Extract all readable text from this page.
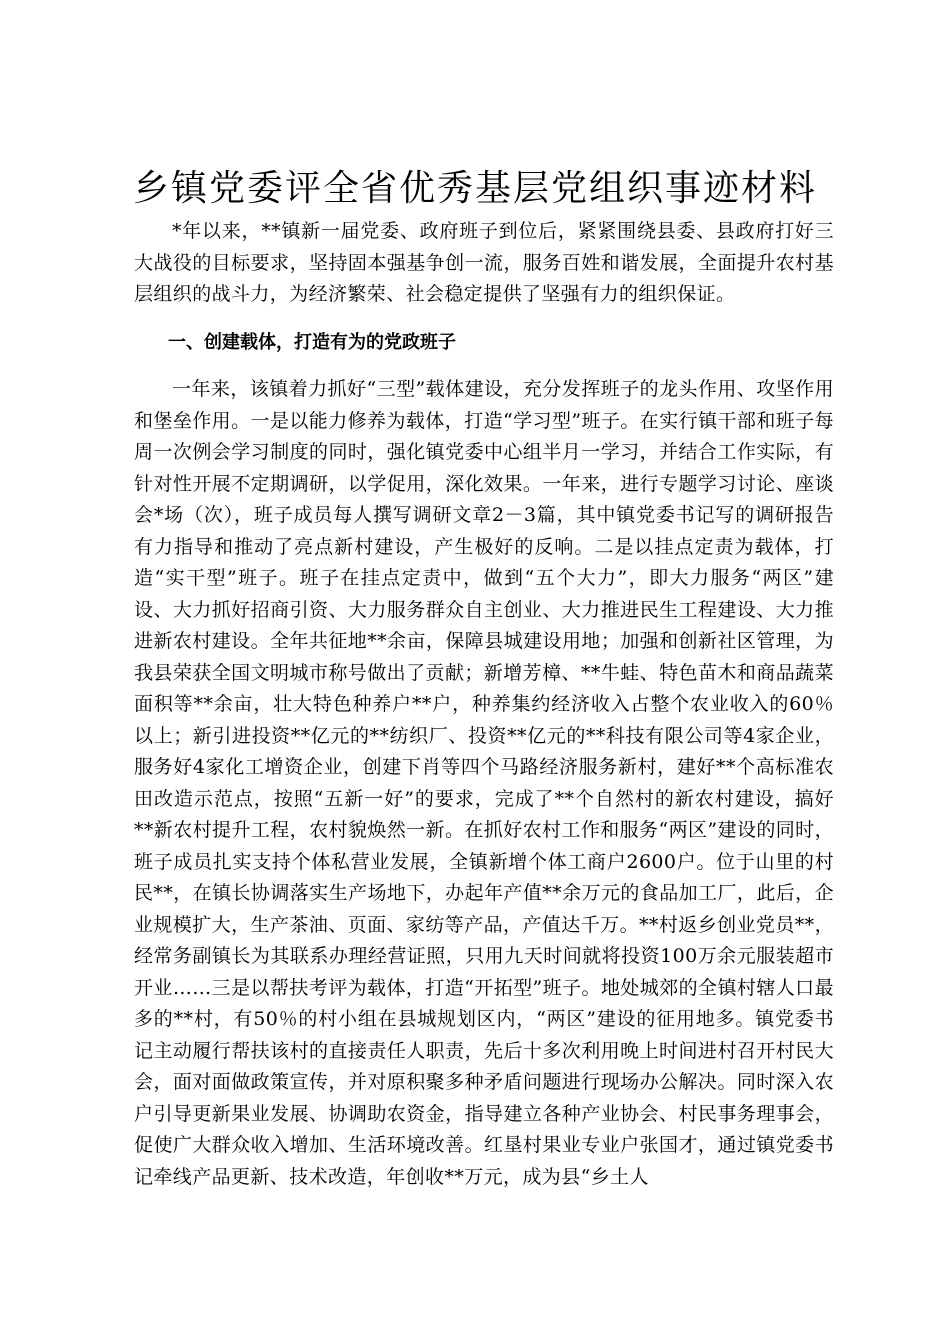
乡镇党委评全省优秀基层党组织事迹材料

*年以来，**镇新一届党委、政府班子到位后，紧紧围绕县委、县政府打好三大战役的目标要求，坚持固本强基争创一流，服务百姓和谐发展，全面提升农村基层组织的战斗力，为经济繁荣、社会稳定提供了坚强有力的组织保证。

一、创建载体，打造有为的党政班子

一年来，该镇着力抓好“三型”载体建设，充分发挥班子的龙头作用、攻坚作用和堡垒作用。一是以能力修养为载体，打造“学习型”班子。在实行镇干部和班子每周一次例会学习制度的同时，强化镇党委中心组半月一学习，并结合工作实际，有针对性开展不定期调研，以学促用，深化效果。一年来，进行专题学习讨论、座谈会*场（次），班子成员每人撰写调研文章2－3篇，其中镇党委书记写的调研报告有力指导和推动了亮点新村建设，产生极好的反响。二是以挂点定责为载体，打造“实干型”班子。班子在挂点定责中，做到“五个大力”，即大力服务“两区”建设、大力抓好招商引资、大力服务群众自主创业、大力推进民生工程建设、大力推进新农村建设。全年共征地**余亩，保障县城建设用地；加强和创新社区管理，为我县荣获全国文明城市称号做出了贡献；新增芳樟、**牛蛙、特色苗木和商品蔬菜面积等**余亩，壮大特色种养户**户，种养集约经济收入占整个农业收入的60％以上；新引进投资**亿元的**纺织厂、投资**亿元的**科技有限公司等4家企业，服务好4家化工增资企业，创建下肖等四个马路经济服务新村，建好**个高标准农田改造示范点，按照“五新一好”的要求，完成了**个自然村的新农村建设，搞好**新农村提升工程，农村貌焕然一新。在抓好农村工作和服务“两区”建设的同时，班子成员扎实支持个体私营业发展，全镇新增个体工商户2600户。位于山里的村民**，在镇长协调落实生产场地下，办起年产值**余万元的食品加工厂，此后，企业规模扩大，生产茶油、页面、家纺等产品，产值达千万。**村返乡创业党员**，经常务副镇长为其联系办理经营证照，只用九天时间就将投资100万余元服装超市开业……三是以帮扶考评为载体，打造“开拓型”班子。地处城郊的全镇村辖人口最多的**村，有50％的村小组在县城规划区内，“两区”建设的征用地多。镇党委书记主动履行帮扶该村的直接责任人职责，先后十多次利用晚上时间进村召开村民大会，面对面做政策宣传，并对原积聚多种矛盾问题进行现场办公解决。同时深入农户引导更新果业发展、协调助农资金，指导建立各种产业协会、村民事务理事会，促使广大群众收入增加、生活环境改善。红垦村果业专业户张国才，通过镇党委书记牵线产品更新、技术改造，年创收**万元，成为县“乡土人
